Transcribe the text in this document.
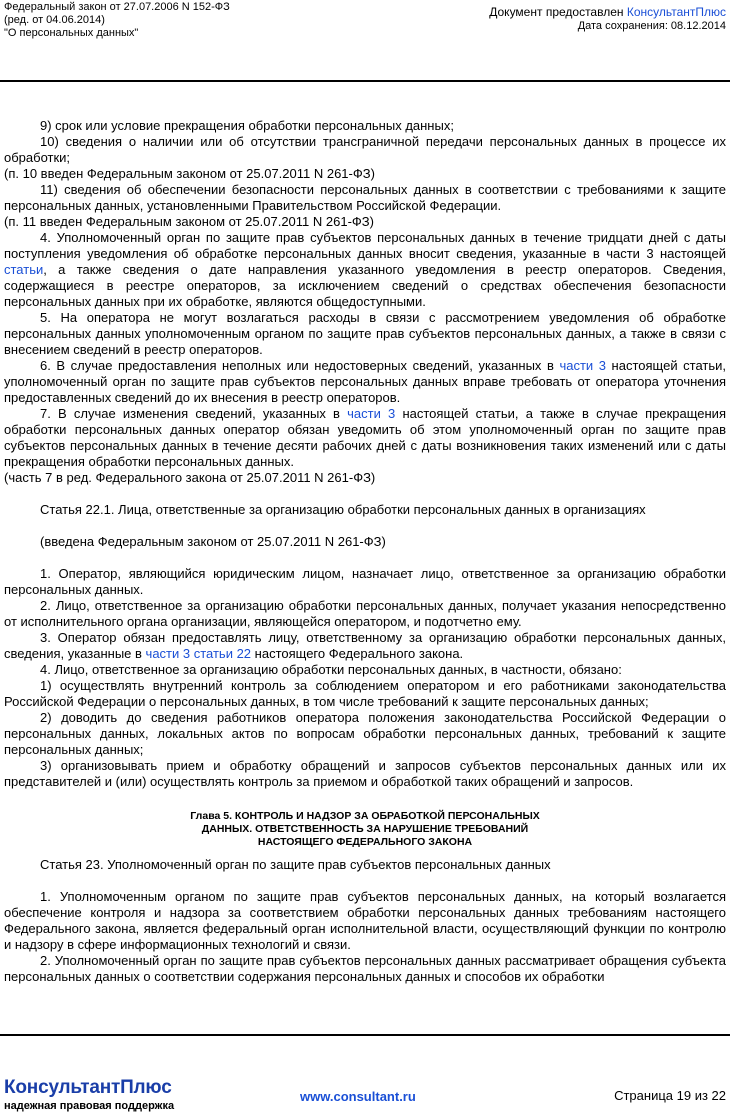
Федеральный закон от 27.07.2006 N 152-ФЗ
(ред. от 04.06.2014)
"О персональных данных"
Документ предоставлен КонсультантПлюс
Дата сохранения: 08.12.2014

9) срок или условие прекращения обработки персональных данных;

10) сведения о наличии или об отсутствии трансграничной передачи персональных данных в процессе их обработки;

(п. 10 введен Федеральным законом от 25.07.2011 N 261-ФЗ)

11) сведения об обеспечении безопасности персональных данных в соответствии с требованиями к защите персональных данных, установленными Правительством Российской Федерации.

(п. 11 введен Федеральным законом от 25.07.2011 N 261-ФЗ)

4. Уполномоченный орган по защите прав субъектов персональных данных в течение тридцати дней с даты поступления уведомления об обработке персональных данных вносит сведения, указанные в части 3 настоящей статьи, а также сведения о дате направления указанного уведомления в реестр операторов. Сведения, содержащиеся в реестре операторов, за исключением сведений о средствах обеспечения безопасности персональных данных при их обработке, являются общедоступными.

5. На оператора не могут возлагаться расходы в связи с рассмотрением уведомления об обработке персональных данных уполномоченным органом по защите прав субъектов персональных данных, а также в связи с внесением сведений в реестр операторов.

6. В случае предоставления неполных или недостоверных сведений, указанных в части 3 настоящей статьи, уполномоченный орган по защите прав субъектов персональных данных вправе требовать от оператора уточнения предоставленных сведений до их внесения в реестр операторов.

7. В случае изменения сведений, указанных в части 3 настоящей статьи, а также в случае прекращения обработки персональных данных оператор обязан уведомить об этом уполномоченный орган по защите прав субъектов персональных данных в течение десяти рабочих дней с даты возникновения таких изменений или с даты прекращения обработки персональных данных.

(часть 7 в ред. Федерального закона от 25.07.2011 N 261-ФЗ)

Статья 22.1. Лица, ответственные за организацию обработки персональных данных в организациях

(введена Федеральным законом от 25.07.2011 N 261-ФЗ)

1. Оператор, являющийся юридическим лицом, назначает лицо, ответственное за организацию обработки персональных данных.

2. Лицо, ответственное за организацию обработки персональных данных, получает указания непосредственно от исполнительного органа организации, являющейся оператором, и подотчетно ему.

3. Оператор обязан предоставлять лицу, ответственному за организацию обработки персональных данных, сведения, указанные в части 3 статьи 22 настоящего Федерального закона.

4. Лицо, ответственное за организацию обработки персональных данных, в частности, обязано:

1) осуществлять внутренний контроль за соблюдением оператором и его работниками законодательства Российской Федерации о персональных данных, в том числе требований к защите персональных данных;

2) доводить до сведения работников оператора положения законодательства Российской Федерации о персональных данных, локальных актов по вопросам обработки персональных данных, требований к защите персональных данных;

3) организовывать прием и обработку обращений и запросов субъектов персональных данных или их представителей и (или) осуществлять контроль за приемом и обработкой таких обращений и запросов.

Глава 5. КОНТРОЛЬ И НАДЗОР ЗА ОБРАБОТКОЙ ПЕРСОНАЛЬНЫХ
ДАННЫХ. ОТВЕТСТВЕННОСТЬ ЗА НАРУШЕНИЕ ТРЕБОВАНИЙ
НАСТОЯЩЕГО ФЕДЕРАЛЬНОГО ЗАКОНА

Статья 23. Уполномоченный орган по защите прав субъектов персональных данных

1. Уполномоченным органом по защите прав субъектов персональных данных, на который возлагается обеспечение контроля и надзора за соответствием обработки персональных данных требованиям настоящего Федерального закона, является федеральный орган исполнительной власти, осуществляющий функции по контролю и надзору в сфере информационных технологий и связи.

2. Уполномоченный орган по защите прав субъектов персональных данных рассматривает обращения субъекта персональных данных о соответствии содержания персональных данных и способов их обработки

КонсультантПлюс
надежная правовая поддержка
www.consultant.ru	Страница 19 из 22
